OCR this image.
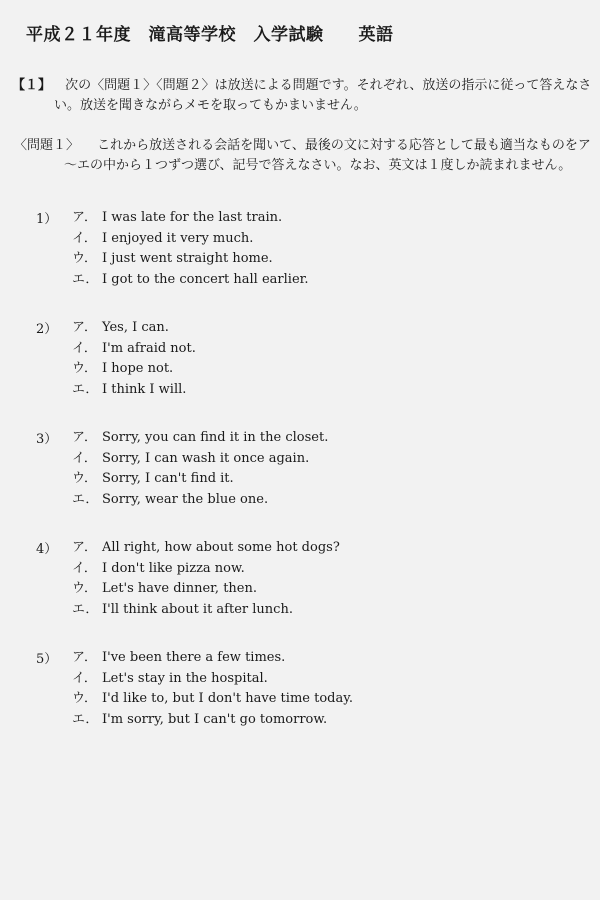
平成２１年度　滝高等学校　入学試験　　英語
【１】 次の〈問題１〉〈問題２〉は放送による問題です。それぞれ、放送の指示に従って答えなさ
い。放送を聞きながらメモを取ってもかまいません。
〈問題１〉 これから放送される会話を聞いて、最後の文に対する応答として最も適当なものをア
～エの中から１つずつ選び、記号で答えなさい。なお、英文は１度しか読まれません。
1） ア． I was late for the last train.
イ． I enjoyed it very much.
ウ． I just went straight home.
エ． I got to the concert hall earlier.
2） ア． Yes, I can.
イ． I'm afraid not.
ウ． I hope not.
エ． I think I will.
3） ア． Sorry, you can find it in the closet.
イ． Sorry, I can wash it once again.
ウ． Sorry, I can't find it.
エ． Sorry, wear the blue one.
4） ア． All right, how about some hot dogs?
イ． I don't like pizza now.
ウ． Let's have dinner, then.
エ． I'll think about it after lunch.
5） ア． I've been there a few times.
イ． Let's stay in the hospital.
ウ． I'd like to, but I don't have time today.
エ． I'm sorry, but I can't go tomorrow.
